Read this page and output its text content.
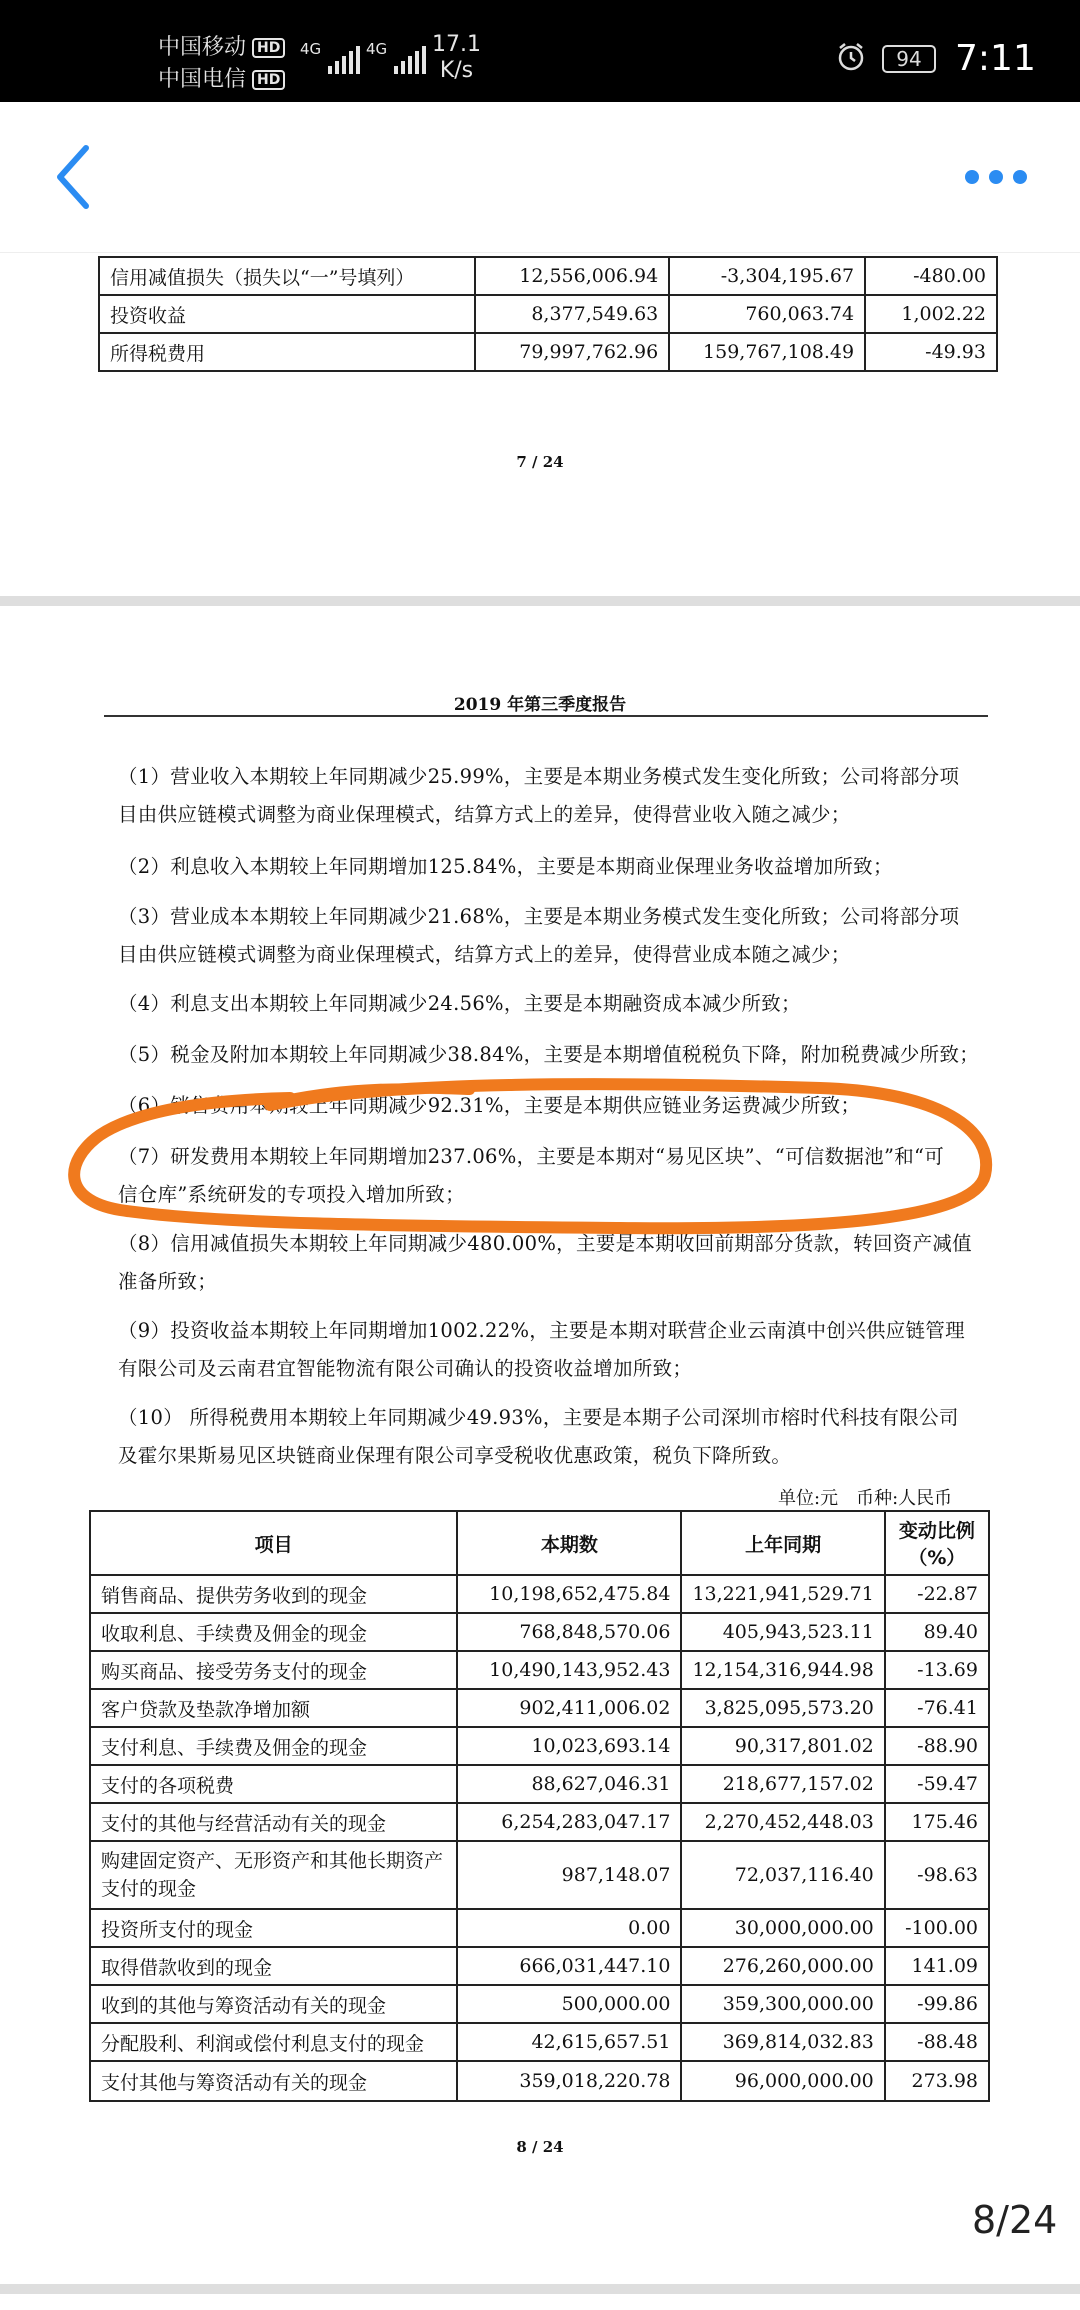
中国移动 HD
中国电信 HD
4G	4G 17.1
K/s	94 7:11
信用减值损失（损失以“一”号填列）	12,556,006.94	-3,304,195.67	-480.00
投资收益	8,377,549.63	760,063.74	1,002.22
所得税费用	79,997,762.96	159,767,108.49	-49.93
7 / 24
2019 年第三季度报告
（1）营业收入本期较上年同期减少25.99%，主要是本期业务模式发生变化所致；公司将部分项
目由供应链模式调整为商业保理模式，结算方式上的差异，使得营业收入随之减少；
（2）利息收入本期较上年同期增加125.84%，主要是本期商业保理业务收益增加所致；
（3）营业成本本期较上年同期减少21.68%，主要是本期业务模式发生变化所致；公司将部分项
目由供应链模式调整为商业保理模式，结算方式上的差异，使得营业成本随之减少；
（4）利息支出本期较上年同期减少24.56%，主要是本期融资成本减少所致；
（5）税金及附加本期较上年同期减少38.84%，主要是本期增值税税负下降，附加税费减少所致；
（6）销售费用本期较上年同期减少92.31%，主要是本期供应链业务运费减少所致；
（7）研发费用本期较上年同期增加237.06%，主要是本期对“易见区块”、“可信数据池”和“可
信仓库”系统研发的专项投入增加所致；
（8）信用减值损失本期较上年同期减少480.00%，主要是本期收回前期部分货款，转回资产减值
准备所致；
（9）投资收益本期较上年同期增加1002.22%，主要是本期对联营企业云南滇中创兴供应链管理
有限公司及云南君宜智能物流有限公司确认的投资收益增加所致；
（10） 所得税费用本期较上年同期减少49.93%，主要是本期子公司深圳市榕时代科技有限公司
及霍尔果斯易见区块链商业保理有限公司享受税收优惠政策，税负下降所致。
单位:元　币种:人民币
项目	本期数	上年同期	变动比例
（%）

销售商品、提供劳务收到的现金	10,198,652,475.84	13,221,941,529.71	-22.87
收取利息、手续费及佣金的现金	768,848,570.06	405,943,523.11	89.40
购买商品、接受劳务支付的现金	10,490,143,952.43	12,154,316,944.98	-13.69
客户贷款及垫款净增加额	902,411,006.02	3,825,095,573.20	-76.41
支付利息、手续费及佣金的现金	10,023,693.14	90,317,801.02	-88.90
支付的各项税费	88,627,046.31	218,677,157.02	-59.47
支付的其他与经营活动有关的现金	6,254,283,047.17	2,270,452,448.03	175.46

购建固定资产、无形资产和其他长期资产
支付的现金	987,148.07	72,037,116.40	-98.63
投资所支付的现金	0.00	30,000,000.00	-100.00
取得借款收到的现金	666,031,447.10	276,260,000.00	141.09
收到的其他与筹资活动有关的现金	500,000.00	359,300,000.00	-99.86
分配股利、利润或偿付利息支付的现金	42,615,657.51	369,814,032.83	-88.48
支付其他与筹资活动有关的现金	359,018,220.78	96,000,000.00	273.98
8 / 24
8/24
